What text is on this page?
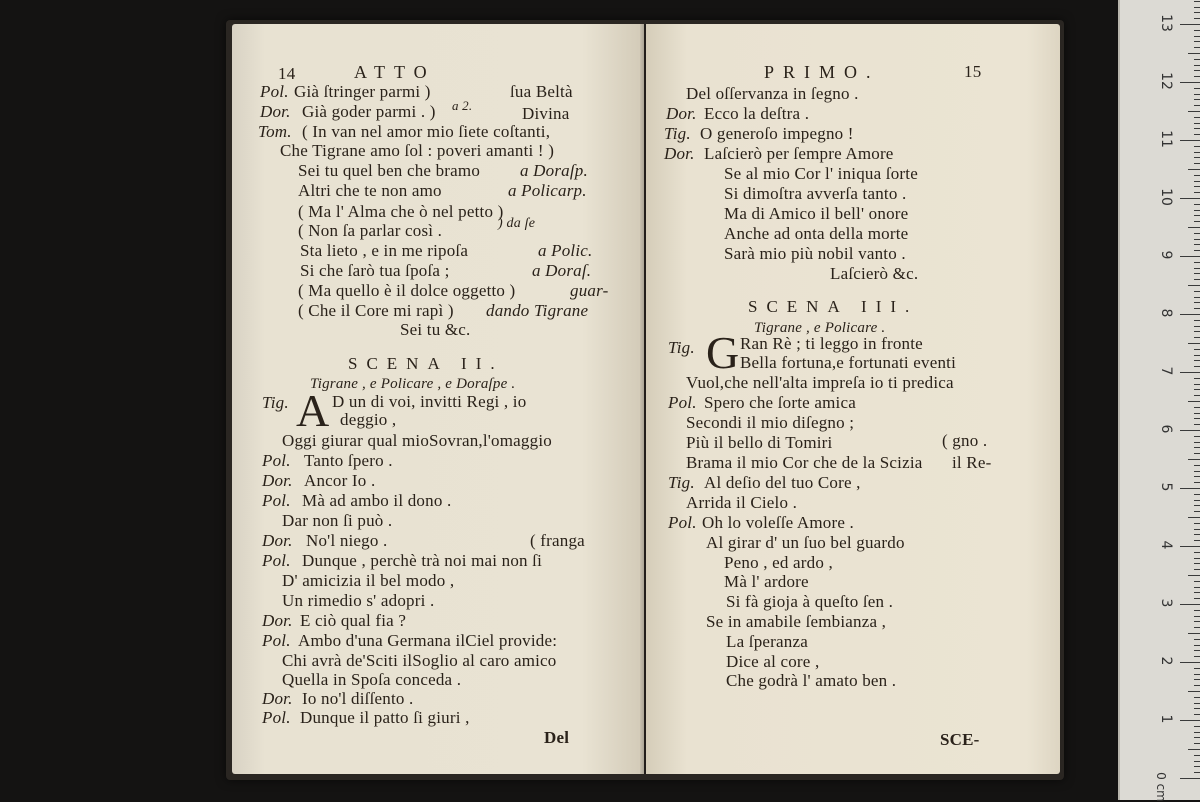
14	ATTO
Pol. Già ſtringer parmi )	ſua Beltà
Dor. Già goder parmi . ) a 2.	Divina
Tom. ( In van nel amor mio ſiete coſtanti,
Che Tigrane amo ſol : poveri amanti ! )
Sei tu quel ben che bramo a Doraſp.
Altri che te non amo	a Policarp.
( Ma l' Alma che ò nel petto )
( Non ſa parlar così .	) da ſe
Sta lieto , e in me ripoſa	a Polic.
Si che ſarò tua ſpoſa ;	a Doraſ.
( Ma quello è il dolce oggetto )	guar-
( Che il Core mi rapì ) dando Tigrane
Sei tu &c.
SCENA II.
Tigrane , e Policare , e Doraſpe .
Tig. A D un di voi, invitti Regi , io
deggio ,
Oggi giurar qual mioSovran,l'omaggio
Pol. Tanto ſpero .
Dor. Ancor Io .
Pol. Mà ad ambo il dono .
Dar non ſi può .
Dor. No'l niego .	( franga
Pol. Dunque , perchè trà noi mai non ſi
D' amicizia il bel modo ,
Un rimedio s' adopri .
Dor. E ciò qual fia ?
Pol. Ambo d'una Germana ilCiel provide:
Chi avrà de'Sciti ilSoglio al caro amico
Quella in Spoſa conceda .
Dor. Io no'l diſſento .
Pol. Dunque il patto ſi giuri ,
Del
PRIMO.	15
Del oſſervanza in ſegno .
Dor. Ecco la deſtra .
Tig. O generoſo impegno !
Dor. Laſcierò per ſempre Amore
Se al mio Cor l' iniqua ſorte
Si dimoſtra avverſa tanto .
Ma di Amico il bell' onore
Anche ad onta della morte
Sarà mio più nobil vanto .
Laſcierò &c.
SCENA III.
Tigrane , e Policare .
Tig. G Ran Rè ; ti leggo in fronte
Bella fortuna,e fortunati eventi
Vuol,che nell'alta impreſa io ti predica
Pol. Spero che ſorte amica
Secondi il mio diſegno ;
Più il bello di Tomiri	( gno .
Brama il mio Cor che de la Scizia il Re-
Tig. Al deſio del tuo Core ,
Arrida il Cielo .
Pol. Oh lo voleſſe Amore .
Al girar d' un ſuo bel guardo
Peno , ed ardo ,
Mà l' ardore
Si fà gioja à queſto ſen .
Se in amabile ſembianza ,
La ſperanza
Dice al core ,
Che godrà l' amato ben .
SCE-
13
12
11
10
9
8
7
6
5
4
3
2
1
0 cm
